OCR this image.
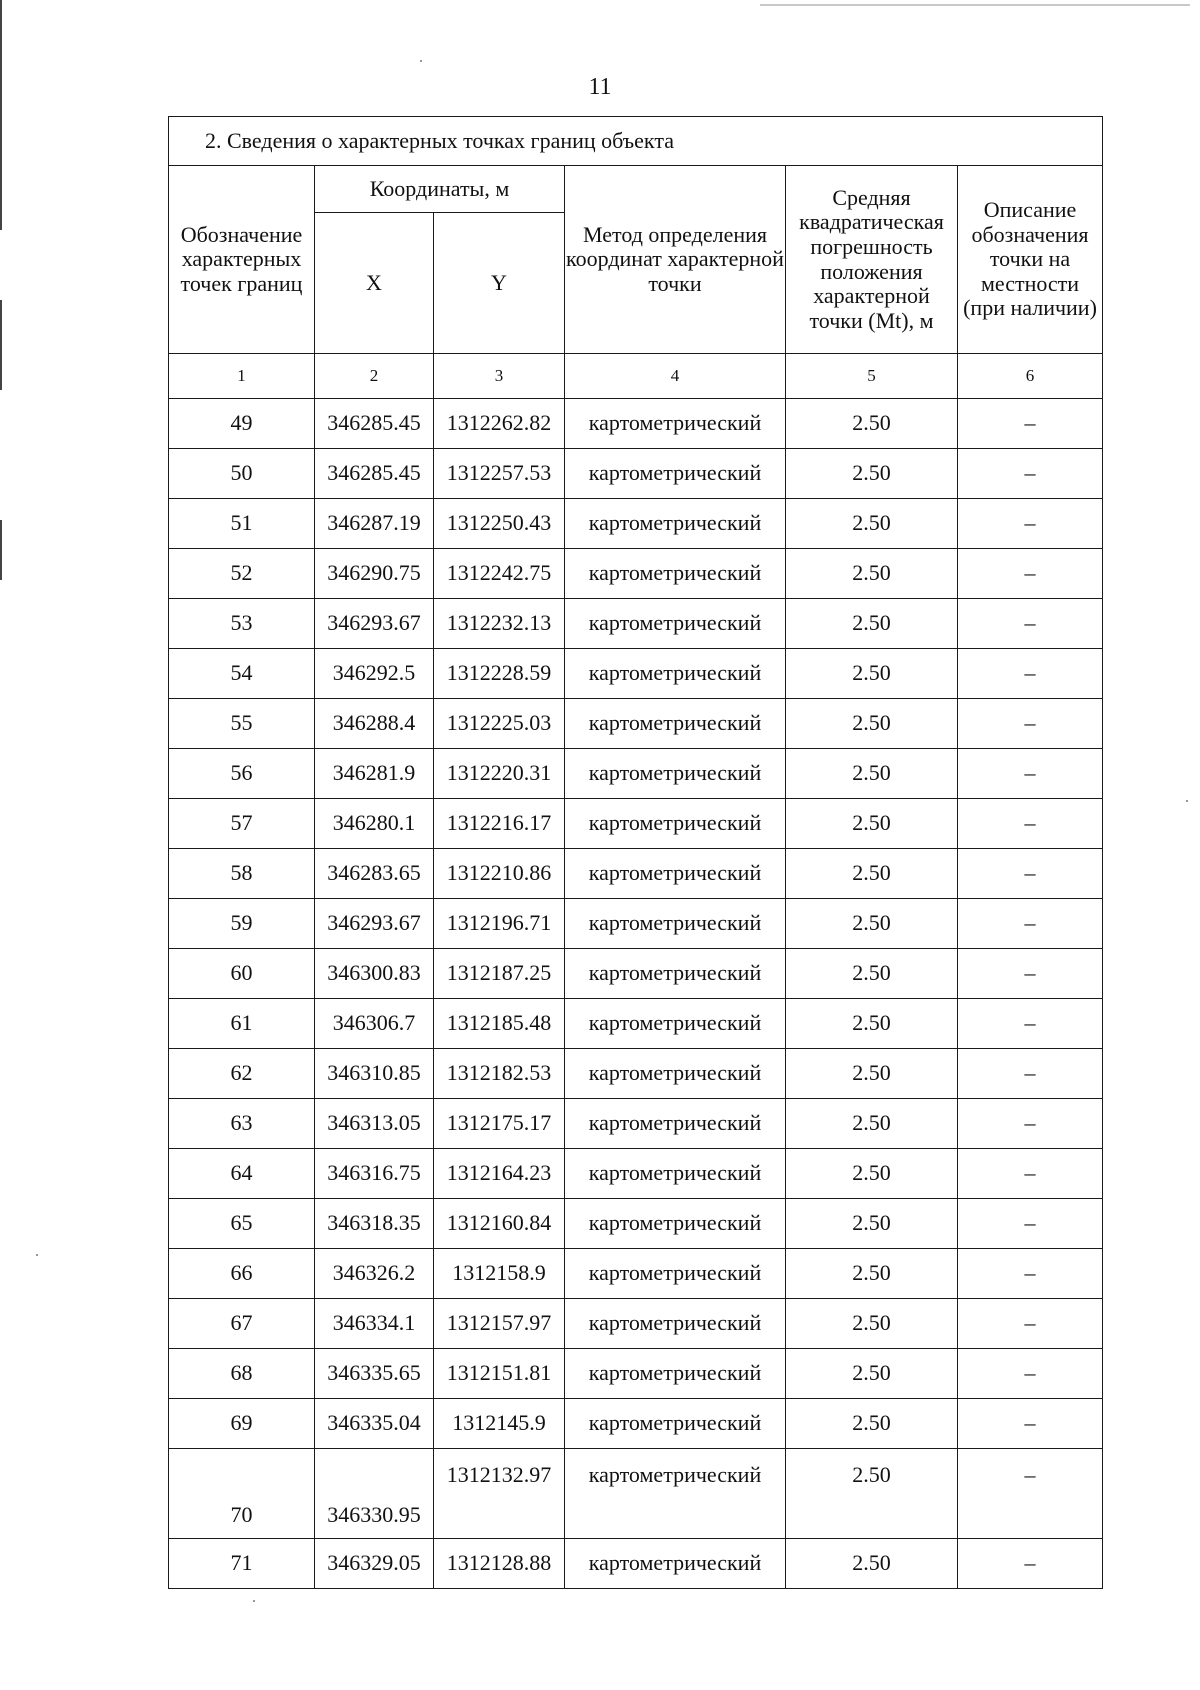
11
2. Сведения о характерных точках границ объекта					
Обозначение характерных точек границ	Координаты, м		Метод определения координат характерной точки	Средняя квадратическая погрешность положения характерной точки (Mt), м	Описание обозначения точки на местности (при наличии)
	X	Y			
1	2	3	4	5	6
49	346285.45	1312262.82	картометрический	2.50	–
50	346285.45	1312257.53	картометрический	2.50	–
51	346287.19	1312250.43	картометрический	2.50	–
52	346290.75	1312242.75	картометрический	2.50	–
53	346293.67	1312232.13	картометрический	2.50	–
54	346292.5	1312228.59	картометрический	2.50	–
55	346288.4	1312225.03	картометрический	2.50	–
56	346281.9	1312220.31	картометрический	2.50	–
57	346280.1	1312216.17	картометрический	2.50	–
58	346283.65	1312210.86	картометрический	2.50	–
59	346293.67	1312196.71	картометрический	2.50	–
60	346300.83	1312187.25	картометрический	2.50	–
61	346306.7	1312185.48	картометрический	2.50	–
62	346310.85	1312182.53	картометрический	2.50	–
63	346313.05	1312175.17	картометрический	2.50	–
64	346316.75	1312164.23	картометрический	2.50	–
65	346318.35	1312160.84	картометрический	2.50	–
66	346326.2	1312158.9	картометрический	2.50	–
67	346334.1	1312157.97	картометрический	2.50	–
68	346335.65	1312151.81	картометрический	2.50	–
69	346335.04	1312145.9	картометрический	2.50	–
70	346330.95	1312132.97	картометрический	2.50	–
71	346329.05	1312128.88	картометрический	2.50	–
